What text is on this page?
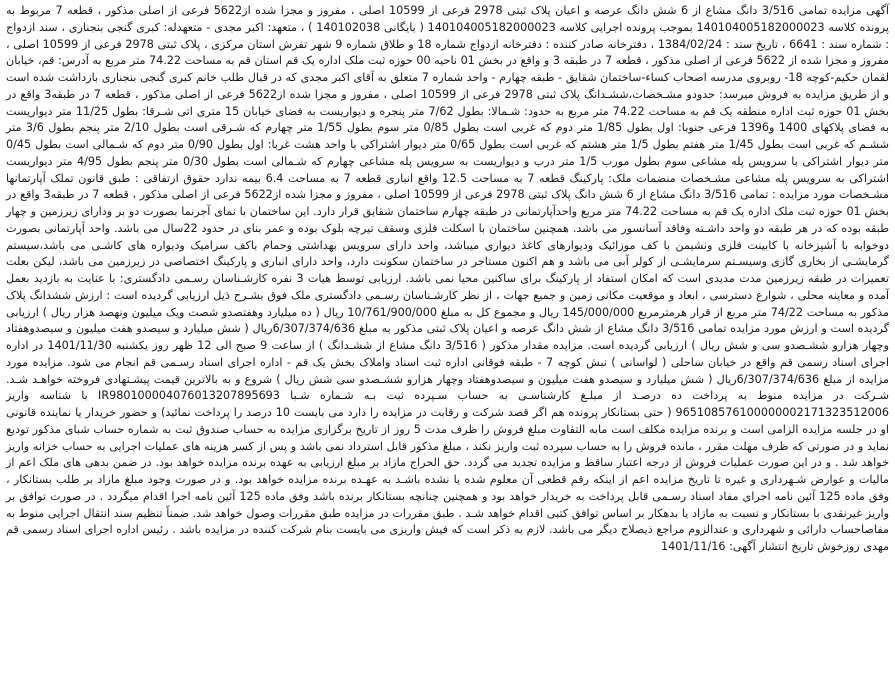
آگهی مزایده تمامی 3/516 دانگ مشاع از 6 شش دانگ عرصه و اعیان پلاک ثبتی 2978 فرعی از 10599 اصلی ، مفروز و مجزا شده از5622 فرعی از اصلی مذکور ، قطعه 7 مربوط به پرونده کلاسه 140104005182000023 بموجب پرونده اجرایی کلاسه 140104005182000023 ( بایگانی 140102038 ) ، متعهد: اکبر مجدی - متعهدله: کبری گنجی بنجناری ، سند ازدواج : شماره سند : 6641 ، تاریخ سند : 1384/02/24 ، دفترخانه صادر کننده : دفترخانه ازدواج شماره 18 و طلاق شماره 9 شهر تفرش استان مرکزی ، پلاک ثبتی 2978 فرعی از 10599 اصلی ، مفروز و مجزا شده از 5622 فرعی از اصلی مذکور ، قطعه 7 در طبقه 3 و واقع در بخش 01 ناحیه 00 حوزه ثبت ملک اداره یک قم استان قم به مساحت 74.22 متر مربع به آدرس: قم، خیابان لقمان حکیم-کوچه 18- روبروی مدرسه اصحاب کساء-ساختمان شقایق - طبقه چهارم - واحد شماره 7 متعلق به آقای اکبر مجدی که در قبال طلب خانم کبری گنجی بنجناری بازداشت شده است و از طریق مزایده به فروش میرسد: حدودو مشـخصات،ششـدانگ پلاک ثبتی 2978 فرعی از 10599 اصلی ، مفروز و مجزا شده از5622 فرعی از اصلی مذکور ، قطعه 7 در طبقه3 واقع در بخش 01 حوزه ثبت اداره منطقه یک قم به مساحت 74.22 متر مربع به حدود: شـمالا: بطول 7/62 متر پنجره و دیواریست به فضای خیابان 15 متری اتی شـرقا: بطول 11/25 متر دیواریست به فضای پلاکهای 1400 و1396 فرعی جنوبا: اول بطول 1/85 متر دوم که غربی است بطول 0/85 متر سوم بطول 1/55 متر چهارم که شـرقی است بطول 2/10 متر پنجم بطول 3/6 متر ششـم که غربی است بطول 1/45 متر هفتم بطول 1/5 متر هشتم که غربی است بطول 0/65 متر دیوار اشتراکی با واحد هشت غربا: اول بطول 0/90 متر دوم که شـمالی است بطول 0/45 متر دیوار اشتراکی با سرویس پله مشاعی سوم بطول مورب 1/5 متر درب و دیواریست به سرویس پله مشاعی چهارم که شـمالی است بطول 0/30 متر پنجم بطول 4/95 متر دیواریست اشتراکی به سرویس پله مشاعی مشـخصات منضمات ملک: پارکینگ قطعه 7 به مساحت 12.5 واقع انباری قطعه 7 به مساحت 6.4 بیمه ندارد حقوق ارتفاقی : طبق قانون تملک آپارتمانها مشـخصات مورد مزایده : تمامی 3/516 دانگ مشاع از 6 شش دانگ پلاک ثبتی 2978 فرعی از 10599 اصلی ، مفروز و مجزا شده از5622 فرعی از اصلی مذکور ، قطعه 7 در طبقه3 واقع در بخش 01 حوزه ثبت ملک اداره یک قم به مساحت 74.22 متر مربع واحدآپارتمانی در طبقه چهارم ساختمان شقایق قرار دارد. این ساختمان با نمای آجرنما بصورت دو بر ودارای زیرزمین و چهار طبقه بوده که در هر طبقه دو واحد داشـته وفاقد آسانسور می باشد. همچنین ساختمان با اسکلت فلزی وسقف تیرچه بلوک بوده و عمر بنای در حدود 22سال می باشد. واحد آپارتمانی بصورت دوخوابه با آشپزخانه با کابینت فلزی ونشیمن با کف موزائیک ودیوارهای کاغذ دیواری میباشد، واحد دارای سرویس بهداشتی وحمام باکف سرامیک ودیواره های کاشـی می باشد،سیستم گرمایشـی از بخاری گازی وسیسـتم سرمایشـی از کولر آبی می باشد و هم اکنون مستاجر در ساختمان سکونت دارد، واحد دارای انباری و پارکینگ اختصاصی در زیرزمین می باشد، لیکن بعلت تعمیرات در طبقه زیرزمین مدت مدیدی است که امکان استفاد از پارکینگ برای ساکنین محیا نمی باشد. ارزیابی توسط هیات 3 نفره کارشـناسان رسـمی دادگستری: با عنایت به بازدید بعمل آمده و معاینه محلی ، شوارع دسترسی ، ابعاد و موقعیت مکانی زمین و جمیع جهات ، از نظر کارشـناسان رسـمی دادگستری ملک فوق بشـرح ذیل ارزیابی گردیده است : ارزش ششدانگ پلاک مذکور به مساحت 74/22 متر مربع از قرار هرمترمربع 145/000/000 ریال و مجموع کل به مبلغ 10/761/900/000 ریال ( ده میلیارد وهفتصدو شصت ویک میلیون ونهصد هزار ریال ) ارزیابی گردیده است و ارزش مورد مزایده تمامی 3/516 دانگ مشاع از شش دانگ عرصه و اعیان پلاک ثبتی مذکور به مبلغ 6/307/374/636ریال ( شش میلیارد و سیصدو هفت میلیون و سیصدوهفتاد وچهار هزارو ششـصدو سی و شش ریال ) ارزیابی گردیده است. مزایده مقدار مذکور ( 3/516 دانگ مشاع از ششـدانگ ) از ساعت 9 صبح الی 12 ظهر روز یکشنبه 1401/11/30 در اداره اجرای اسناد رسمی قم واقع در خیابان ساحلی ( لواسانی ) نبش کوچه 7 - طبقه فوقانی اداره ثبت اسناد واملاک بخش یک قم - اداره اجرای اسناد رسـمی قم انجام می شود. مزایده مورد مزایده از مبلغ 6/307/374/636ریال ( شش میلیارد و سیصدو هفت میلیون و سیصدوهفتاد وچهار هزارو ششـصدو سی شش ریال ) شروع و به بالاترین قیمت پیشـنهادی فروخته خواهـد شـد. شـرکت در مزایده منوط به پرداخت ده درصـد از مبلـغ کارشناسـی به حساب سـپرده ثبت بـه شـماره شـبا IR980100004076013207895693 با شناسه واریز 965108576100000002171323512006 ( حتی بستانکار پرونده هم اگر قصد شرکت و رقابت در مزایده را دارد می بایست 10 درصد را پرداخت نمائید) و حضور خریدار یا نماینده قانونی او در جلسه مزایده الزامی است و برنده مزایده مکلف است مابه التفاوت مبلغ فروش را ظرف مدت 5 روز از تاریخ برگزاری مزایده به حساب صندوق ثبت به شماره حساب شبای مذکور تودیع نماید و در صورتی که ظرف مهلت مقرر ، مانده فروش را به حساب سپرده ثبت واریز نکند ، مبلغ مذکور قابل استرداد نمی باشد و پس از کسر هزینه های عملیات اجرایی به حساب خزانه واریز خواهد شد . و در این صورت عملیات فروش از درجه اعتبار ساقط و مزایده تجدید می گردد. حق الحراج مازاد بر مبلغ ارزیابی به عهده برنده مزایده خواهد بود. در ضمن بدهی های ملک اعم از مالیات و عوارض شـهرداری و غیره تا تاریخ مزایده اعم از اینکه رقم قطعی آن معلوم شده یا نشده باشـد به عهـده برنده مزایده خواهد بود. و در صورت وجود مبلغ مازاد بر طلب بستانکار ، وفق ماده 125 آئین نامه اجرای مفاد اسناد رسـمی قابل پرداخت به خریدار خواهد بود و همچنین چنانچه بستانکار برنده باشد وفق ماده 125 آئین نامه اجرا اقدام میگردد . در صورت توافق بر واریز غیرنقدی با بستانکار و نسبت به مازاد یا بدهکار بر اساس توافق کتبی اقدام خواهد شـد . طبق مقررات در مزایده طبق مقررات وصول خواهد شد. ضمناً تنظیم سند انتقال اجرایی منوط به مفاصاحساب دارائی و شهرداری و عندالزوم مراجع ذیصلاح دیگر می باشد. لازم به ذکر است که فیش واریزی می بایست بنام شرکت کننده در مزایده باشد . رئیس اداره اجرای اسناد رسمی قم مهدی روزخوش تاریخ انتشار آگهی: 1401/11/16
